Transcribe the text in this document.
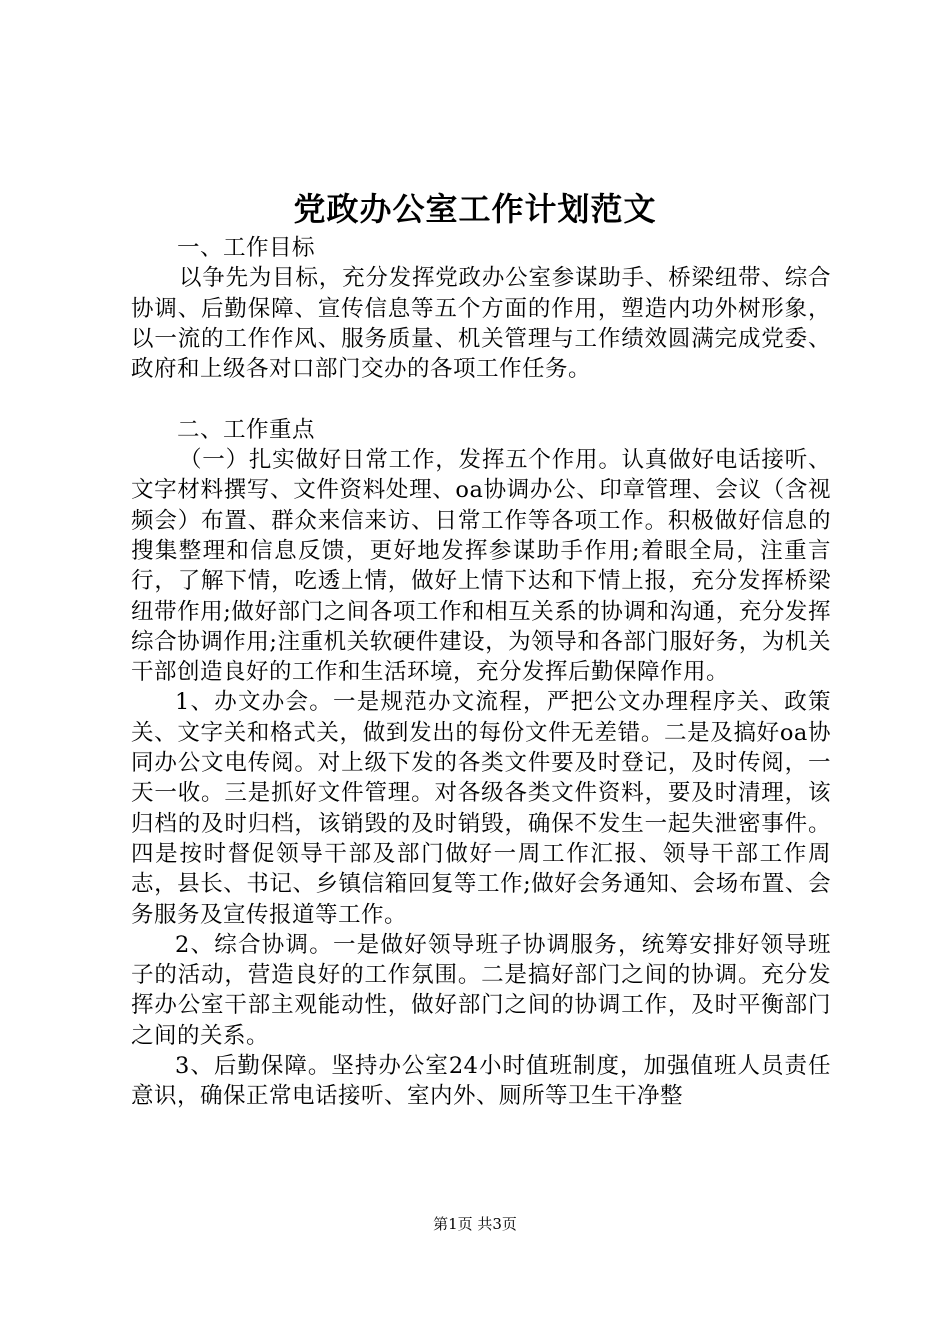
党政办公室工作计划范文

一、工作目标

以争先为目标，充分发挥党政办公室参谋助手、桥梁纽带、综合协调、后勤保障、宣传信息等五个方面的作用，塑造内功外树形象，以一流的工作作风、服务质量、机关管理与工作绩效圆满完成党委、政府和上级各对口部门交办的各项工作任务。

二、工作重点

（一）扎实做好日常工作，发挥五个作用。认真做好电话接听、文字材料撰写、文件资料处理、oa协调办公、印章管理、会议（含视频会）布置、群众来信来访、日常工作等各项工作。积极做好信息的搜集整理和信息反馈，更好地发挥参谋助手作用;着眼全局，注重言行，了解下情，吃透上情，做好上情下达和下情上报，充分发挥桥梁纽带作用;做好部门之间各项工作和相互关系的协调和沟通，充分发挥综合协调作用;注重机关软硬件建设，为领导和各部门服好务，为机关干部创造良好的工作和生活环境，充分发挥后勤保障作用。

1、办文办会。一是规范办文流程，严把公文办理程序关、政策关、文字关和格式关，做到发出的每份文件无差错。二是及搞好oa协同办公文电传阅。对上级下发的各类文件要及时登记，及时传阅，一天一收。三是抓好文件管理。对各级各类文件资料，要及时清理，该归档的及时归档，该销毁的及时销毁，确保不发生一起失泄密事件。四是按时督促领导干部及部门做好一周工作汇报、领导干部工作周志，县长、书记、乡镇信箱回复等工作;做好会务通知、会场布置、会务服务及宣传报道等工作。

2、综合协调。一是做好领导班子协调服务，统筹安排好领导班子的活动，营造良好的工作氛围。二是搞好部门之间的协调。充分发挥办公室干部主观能动性，做好部门之间的协调工作，及时平衡部门之间的关系。

3、后勤保障。坚持办公室24小时值班制度，加强值班人员责任意识，确保正常电话接听、室内外、厕所等卫生干净整

第1页 共3页
